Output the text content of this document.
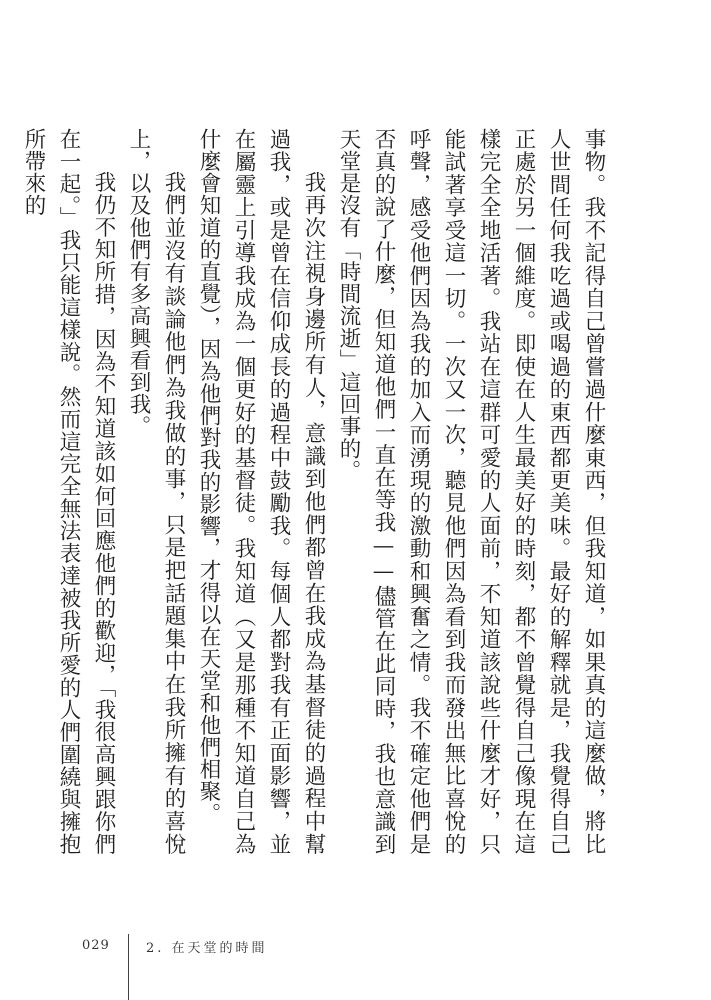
事物。我不記得自己曾嘗過什麼東西，但我知道，如果真的這麼做，將比人世間任何我吃過或喝過的東西都更美味。最好的解釋就是，我覺得自己正處於另一個維度。即使在人生最美好的時刻，都不曾覺得自己像現在這樣完全全地活著。我站在這群可愛的人面前，不知道該說些什麼才好，只能試著享受這一切。一次又一次，聽見他們因為看到我而發出無比喜悅的呼聲，感受他們因為我的加入而湧現的激動和興奮之情。我不確定他們是否真的說了什麼，但知道他們一直在等我——儘管在此同時，我也意識到天堂是沒有「時間流逝」這回事的。

我再次注視身邊所有人，意識到他們都曾在我成為基督徒的過程中幫過我，或是曾在信仰成長的過程中鼓勵我。每個人都對我有正面影響，並在屬靈上引導我成為一個更好的基督徒。我知道（又是那種不知道自己為什麼會知道的直覺），因為他們對我的影響，才得以在天堂和他們相聚。

我們並沒有談論他們為我做的事，只是把話題集中在我所擁有的喜悅上，以及他們有多高興看到我。

我仍不知所措，因為不知道該如何回應他們的歡迎，「我很高興跟你們在一起。」我只能這樣說。然而這完全無法表達被我所愛的人們圍繞與擁抱所帶來的

029	2. 在天堂的時間
